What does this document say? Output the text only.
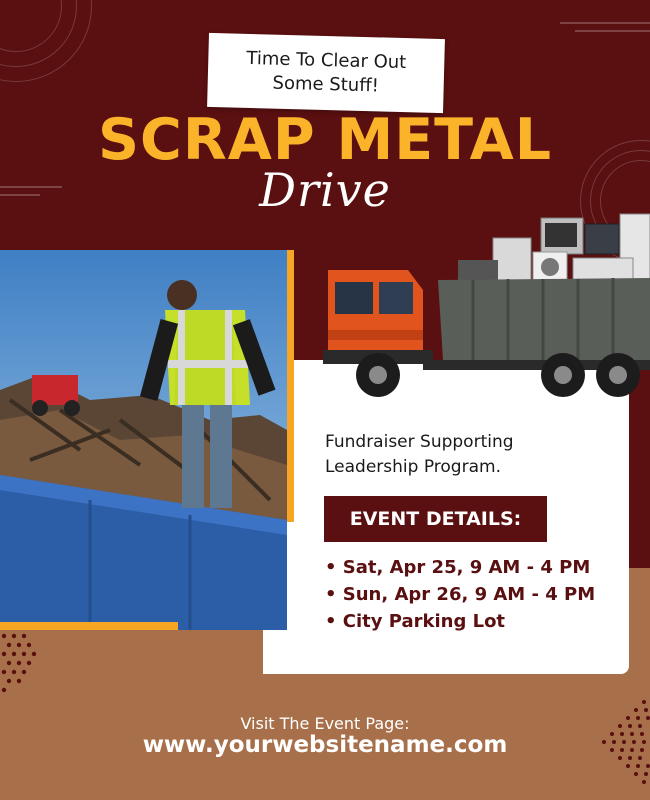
Time To Clear Out
Some Stuff!
SCRAP METAL
Drive
Fundraiser Supporting
Leadership Program.
EVENT DETAILS:
• Sat, Apr 25, 9 AM - 4 PM
• Sun, Apr 26, 9 AM - 4 PM
• City Parking Lot
Visit The Event Page:
www.yourwebsitename.com
